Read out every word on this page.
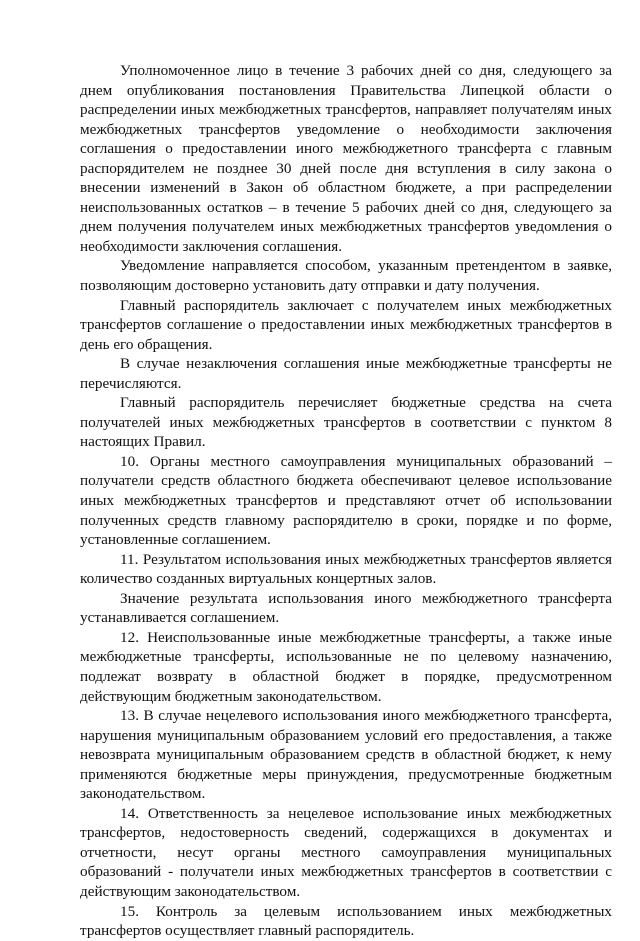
Уполномоченное лицо в течение 3 рабочих дней со дня, следующего за днем опубликования постановления Правительства Липецкой области о распределении иных межбюджетных трансфертов, направляет получателям иных межбюджетных трансфертов уведомление о необходимости заключения соглашения о предоставлении иного межбюджетного трансферта с главным распорядителем не позднее 30 дней после дня вступления в силу закона о внесении изменений в Закон об областном бюджете, а при распределении неиспользованных остатков – в течение 5 рабочих дней со дня, следующего за днем получения получателем иных межбюджетных трансфертов уведомления о необходимости заключения соглашения.

Уведомление направляется способом, указанным претендентом в заявке, позволяющим достоверно установить дату отправки и дату получения.

Главный распорядитель заключает с получателем иных межбюджетных трансфертов соглашение о предоставлении иных межбюджетных трансфертов в день его обращения.

В случае незаключения соглашения иные межбюджетные трансферты не перечисляются.

Главный распорядитель перечисляет бюджетные средства на счета получателей иных межбюджетных трансфертов в соответствии с пунктом 8 настоящих Правил.

10. Органы местного самоуправления муниципальных образований – получатели средств областного бюджета обеспечивают целевое использование иных межбюджетных трансфертов и представляют отчет об использовании полученных средств главному распорядителю в сроки, порядке и по форме, установленные соглашением.

11. Результатом использования иных межбюджетных трансфертов является количество созданных виртуальных концертных залов.

Значение результата использования иного межбюджетного трансферта устанавливается соглашением.

12. Неиспользованные иные межбюджетные трансферты, а также иные межбюджетные трансферты, использованные не по целевому назначению, подлежат возврату в областной бюджет в порядке, предусмотренном действующим бюджетным законодательством.

13. В случае нецелевого использования иного межбюджетного трансферта, нарушения муниципальным образованием условий его предоставления, а также невозврата муниципальным образованием средств в областной бюджет, к нему применяются бюджетные меры принуждения, предусмотренные бюджетным законодательством.

14. Ответственность за нецелевое использование иных межбюджетных трансфертов, недостоверность сведений, содержащихся в документах и отчетности, несут органы местного самоуправления муниципальных образований - получатели иных межбюджетных трансфертов в соответствии с действующим законодательством.

15. Контроль за целевым использованием иных межбюджетных трансфертов осуществляет главный распорядитель.
